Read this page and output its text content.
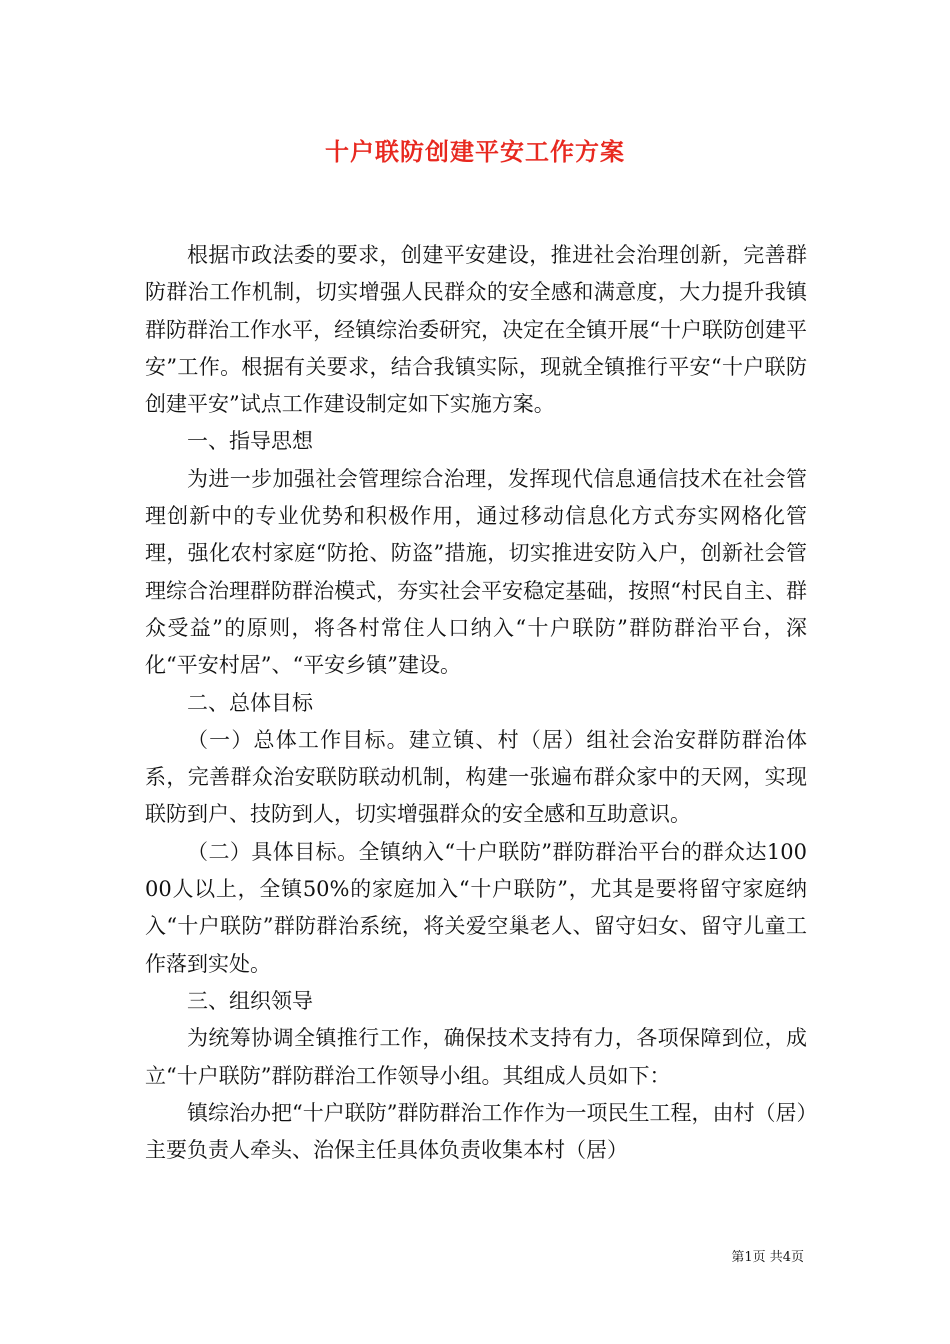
十户联防创建平安工作方案

根据市政法委的要求，创建平安建设，推进社会治理创新，完善群防群治工作机制，切实增强人民群众的安全感和满意度，大力提升我镇群防群治工作水平，经镇综治委研究，决定在全镇开展“十户联防创建平安”工作。根据有关要求，结合我镇实际，现就全镇推行平安“十户联防创建平安”试点工作建设制定如下实施方案。

一、指导思想

为进一步加强社会管理综合治理，发挥现代信息通信技术在社会管理创新中的专业优势和积极作用，通过移动信息化方式夯实网格化管理，强化农村家庭“防抢、防盗”措施，切实推进安防入户，创新社会管理综合治理群防群治模式，夯实社会平安稳定基础，按照“村民自主、群众受益”的原则，将各村常住人口纳入“十户联防”群防群治平台，深化“平安村居”、“平安乡镇”建设。

二、总体目标

（一）总体工作目标。建立镇、村（居）组社会治安群防群治体系，完善群众治安联防联动机制，构建一张遍布群众家中的天网，实现联防到户、技防到人，切实增强群众的安全感和互助意识。

（二）具体目标。全镇纳入“十户联防”群防群治平台的群众达10000人以上，全镇50%的家庭加入“十户联防”，尤其是要将留守家庭纳入“十户联防”群防群治系统，将关爱空巢老人、留守妇女、留守儿童工作落到实处。

三、组织领导

为统筹协调全镇推行工作，确保技术支持有力，各项保障到位，成立“十户联防”群防群治工作领导小组。其组成人员如下：

镇综治办把“十户联防”群防群治工作作为一项民生工程，由村（居）主要负责人牵头、治保主任具体负责收集本村（居）

第1页 共4页
